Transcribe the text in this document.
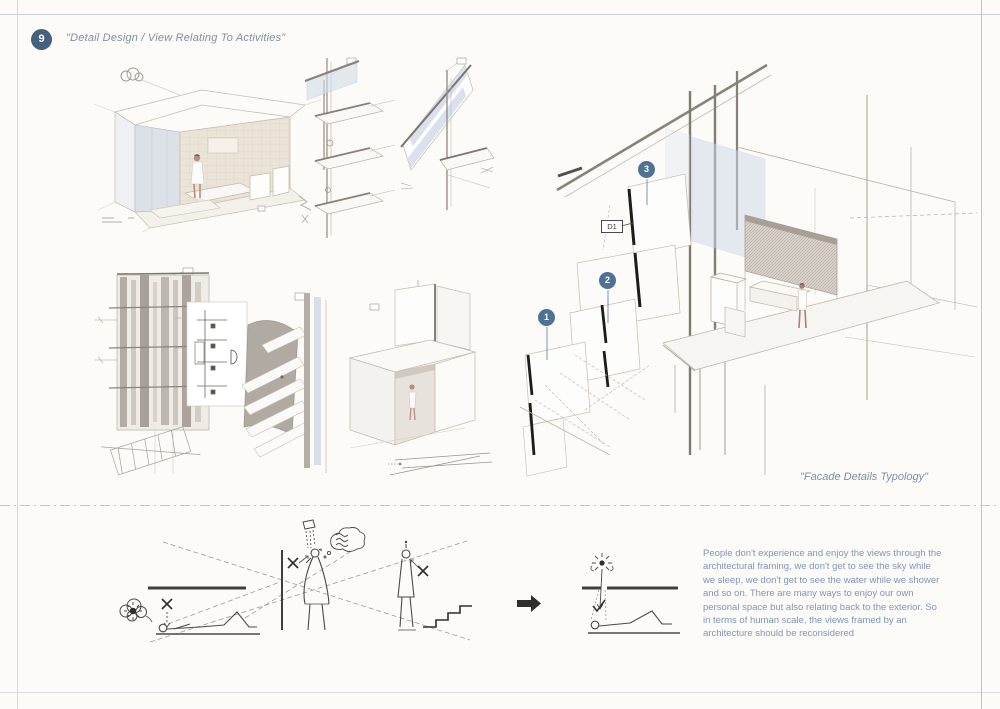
9	"Detail Design / View Relating To Activities"
1
2
3
D1
"Facade Details Typology"
People don't experience and enjoy the views through the architectural framing, we don't get to see the sky while we sleep, we don't get to see the water while we shower and so on. There are many ways to enjoy our own personal space but also relating back to the exterior. So in terms of human scale, the views framed by an architecture should be reconsidered
